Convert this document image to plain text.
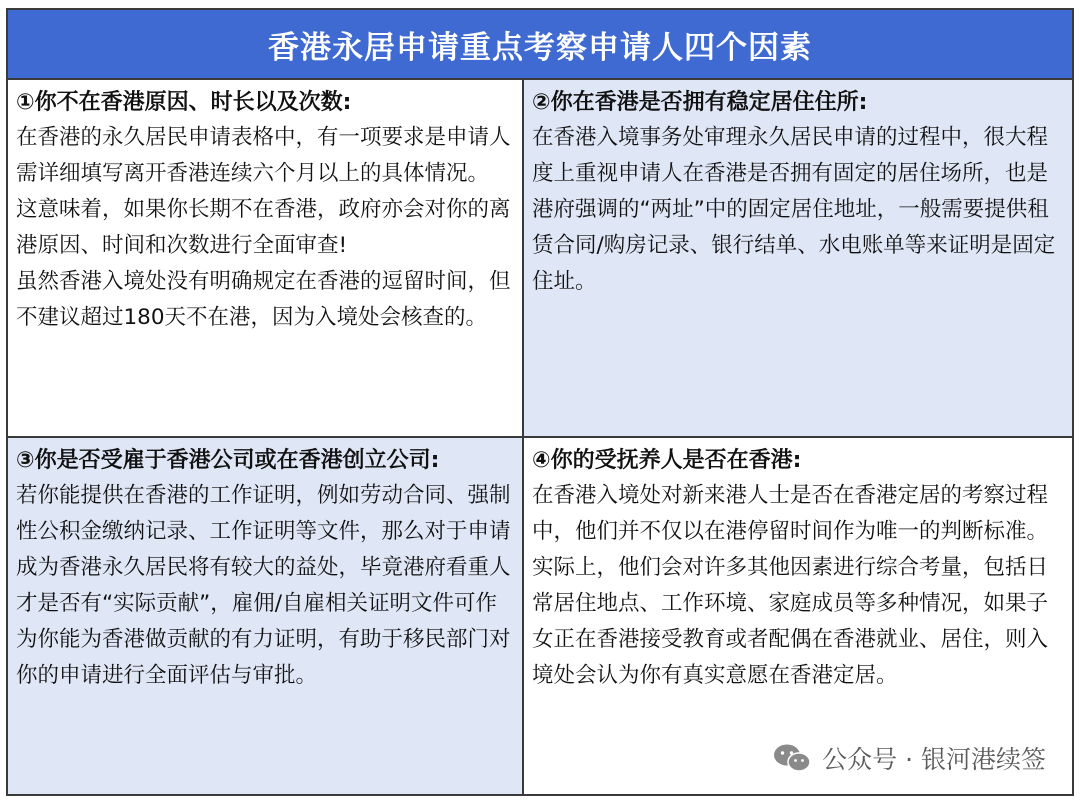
香港永居申请重点考察申请人四个因素
①你不在香港原因、时长以及次数:

在香港的永久居民申请表格中，有一项要求是申请人需详细填写离开香港连续六个月以上的具体情况。

这意味着，如果你长期不在香港，政府亦会对你的离港原因、时间和次数进行全面审查!

虽然香港入境处没有明确规定在香港的逗留时间，但不建议超过180天不在港，因为入境处会核查的。

②你在香港是否拥有稳定居住住所:

在香港入境事务处审理永久居民申请的过程中，很大程度上重视申请人在香港是否拥有固定的居住场所，也是港府强调的“两址”中的固定居住地址，一般需要提供租赁合同/购房记录、银行结单、水电账单等来证明是固定住址。

③你是否受雇于香港公司或在香港创立公司:

若你能提供在香港的工作证明，例如劳动合同、强制性公积金缴纳记录、工作证明等文件，那么对于申请成为香港永久居民将有较大的益处，毕竟港府看重人才是否有“实际贡献”，雇佣/自雇相关证明文件可作为你能为香港做贡献的有力证明，有助于移民部门对你的申请进行全面评估与审批。

④你的受抚养人是否在香港:

在香港入境处对新来港人士是否在香港定居的考察过程中，他们并不仅以在港停留时间作为唯一的判断标准。

实际上，他们会对许多其他因素进行综合考量，包括日常居住地点、工作环境、家庭成员等多种情况，如果子女正在香港接受教育或者配偶在香港就业、居住，则入境处会认为你有真实意愿在香港定居。

公众号 · 银河港续签
